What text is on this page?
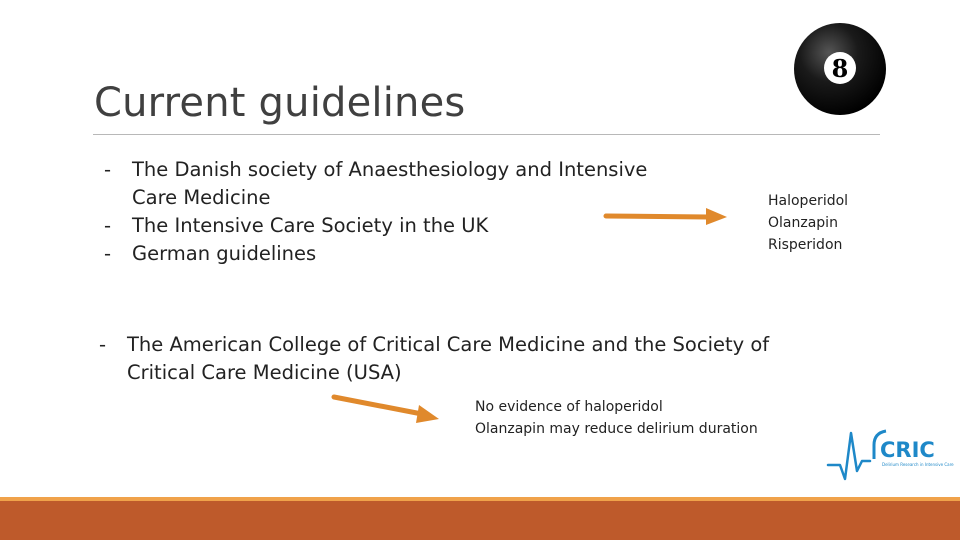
Current guidelines
8
- The Danish society of Anaesthesiology and Intensive Care Medicine
- The Intensive Care Society in the UK
- German guidelines
Haloperidol
Olanzapin
Risperidon
- The American College of Critical Care Medicine and the Society of Critical Care Medicine (USA)
No evidence of haloperidol
Olanzapin may reduce delirium duration
CRIC
Delirium Research in Intensive Care
